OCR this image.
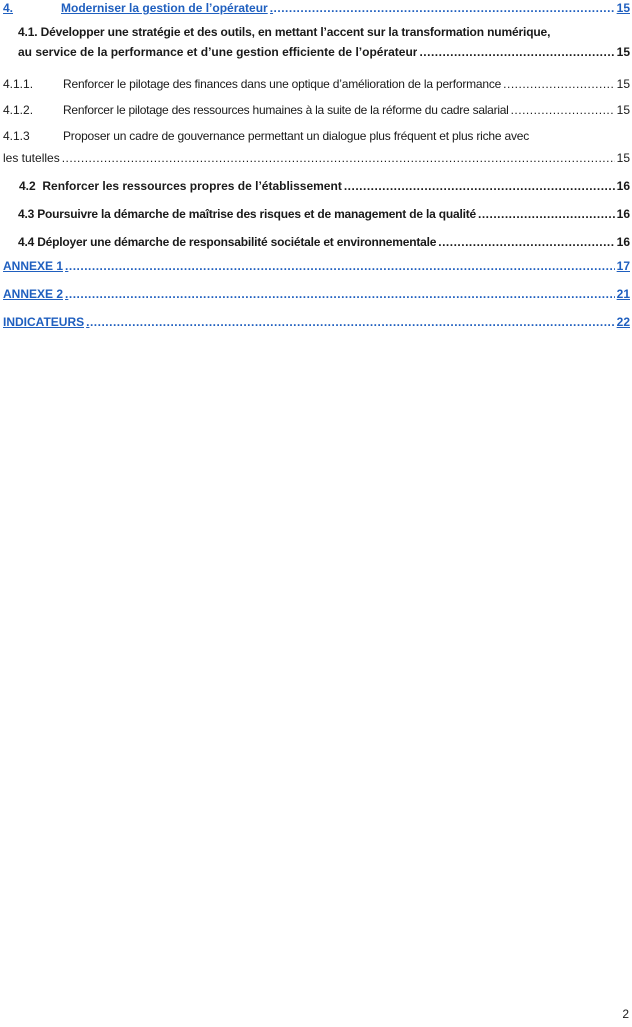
4.	Moderniser la gestion de l’opérateur .....	15
4.1. Développer une stratégie et des outils, en mettant l’accent sur la transformation numérique,
au service de la performance et d’une gestion efficiente de l’opérateur .....	15
4.1.1.	Renforcer le pilotage des finances dans une optique d’amélioration de la performance .....	15
4.1.2.	Renforcer le pilotage des ressources humaines à la suite de la réforme du cadre salarial .....	15
4.1.3	Proposer un cadre de gouvernance permettant un dialogue plus fréquent et plus riche avec
les tutelles .....	15
4.2  Renforcer les ressources propres de l’établissement .....	16
4.3 Poursuivre la démarche de maîtrise des risques et de management de la qualité .....	16
4.4 Déployer une démarche de responsabilité sociétale et environnementale .....	16
ANNEXE 1 .....	17
ANNEXE 2 .....	21
INDICATEURS .....	22
2
